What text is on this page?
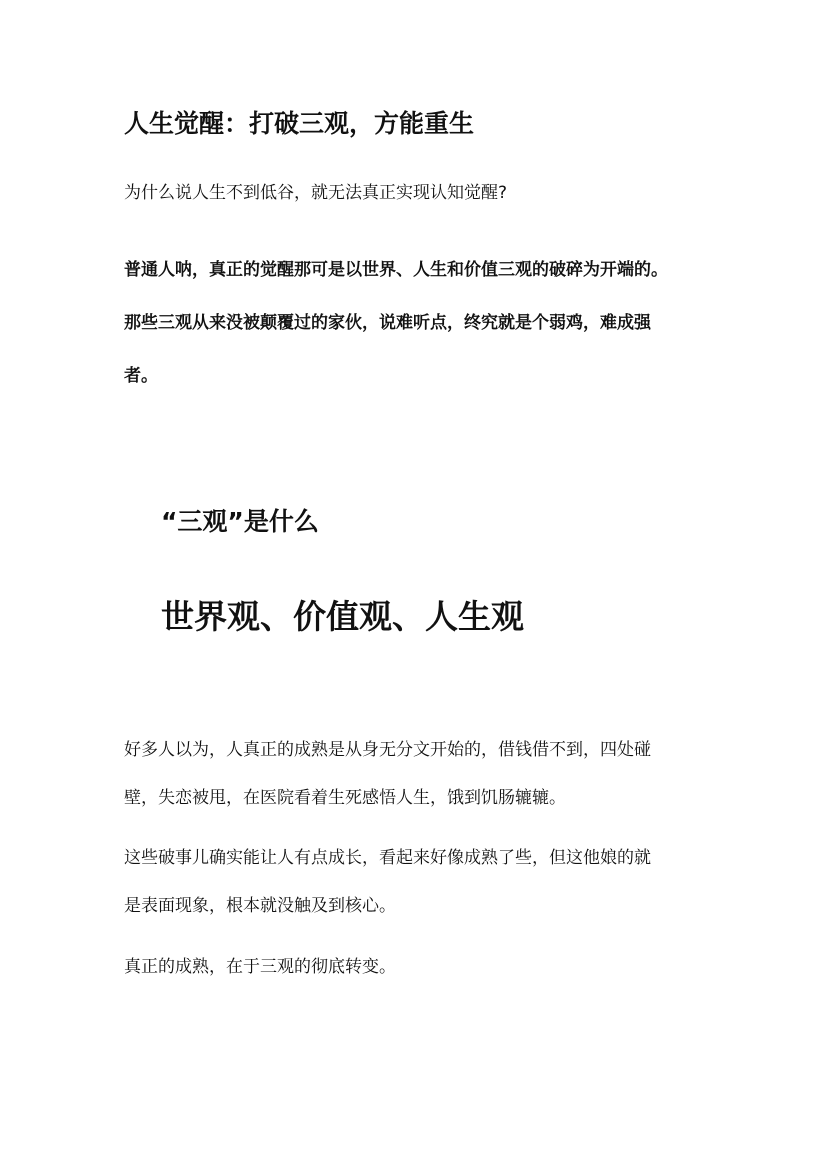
人生觉醒：打破三观，方能重生

为什么说人生不到低谷，就无法真正实现认知觉醒?

普通人呐，真正的觉醒那可是以世界、人生和价值三观的破碎为开端的。
那些三观从来没被颠覆过的家伙，说难听点，终究就是个弱鸡，难成强
者。

“三观”是什么
世界观、价值观、人生观

好多人以为，人真正的成熟是从身无分文开始的，借钱借不到，四处碰
壁，失恋被甩，在医院看着生死感悟人生，饿到饥肠辘辘。

这些破事儿确实能让人有点成长，看起来好像成熟了些，但这他娘的就
是表面现象，根本就没触及到核心。

真正的成熟，在于三观的彻底转变。
